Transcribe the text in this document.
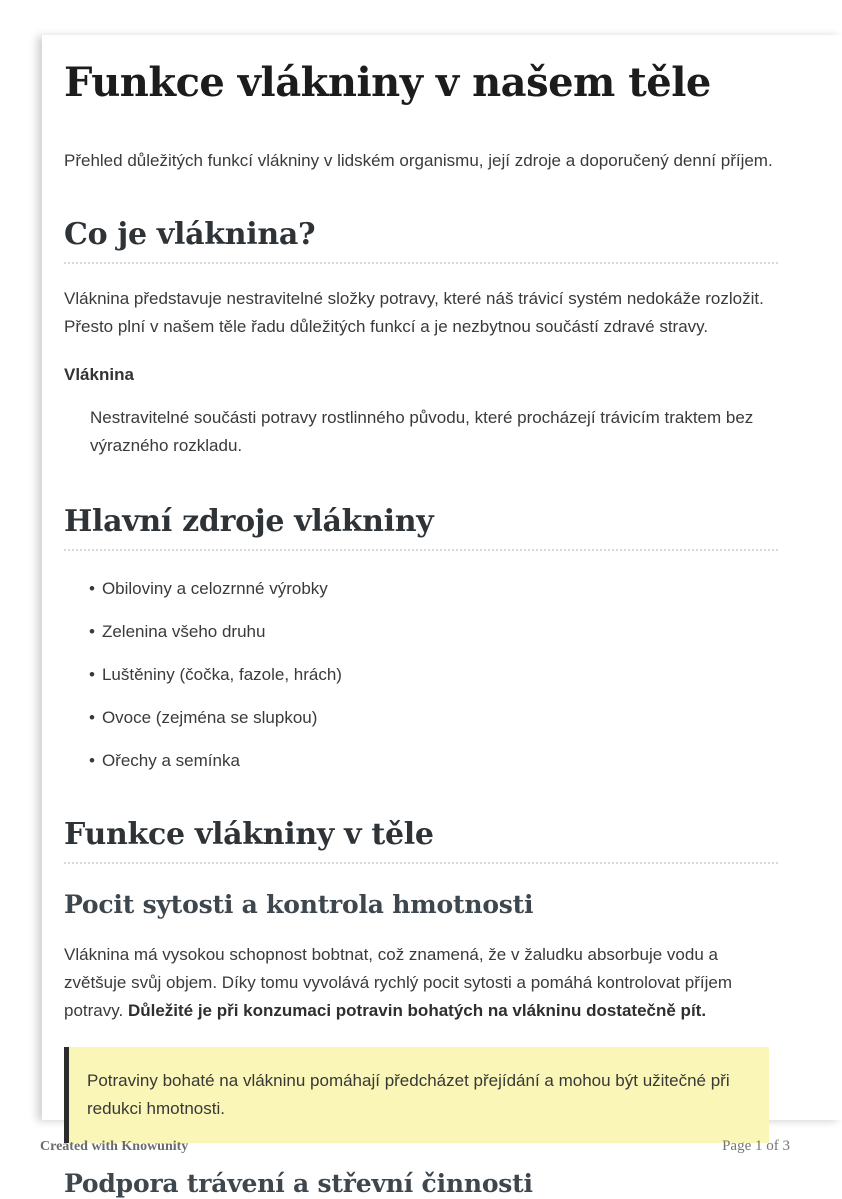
Funkce vlákniny v našem těle

Přehled důležitých funkcí vlákniny v lidském organismu, její zdroje a doporučený denní příjem.

Co je vláknina?

Vláknina představuje nestravitelné složky potravy, které náš trávicí systém nedokáže rozložit. Přesto plní v našem těle řadu důležitých funkcí a je nezbytnou součástí zdravé stravy.

Vláknina

Nestravitelné součásti potravy rostlinného původu, které procházejí trávicím traktem bez výrazného rozkladu.

Hlavní zdroje vlákniny
• Obiloviny a celozrnné výrobky
• Zelenina všeho druhu
• Luštěniny (čočka, fazole, hrách)
• Ovoce (zejména se slupkou)
• Ořechy a semínka
Funkce vlákniny v těle
Pocit sytosti a kontrola hmotnosti

Vláknina má vysokou schopnost bobtnat, což znamená, že v žaludku absorbuje vodu a zvětšuje svůj objem. Díky tomu vyvolává rychlý pocit sytosti a pomáhá kontrolovat příjem potravy. Důležité je při konzumaci potravin bohatých na vlákninu dostatečně pít.

Potraviny bohaté na vlákninu pomáhají předcházet přejídání a mohou být užitečné při redukci hmotnosti.

Podpora trávení a střevní činnosti
Created with Knowunity	Page 1 of 3
